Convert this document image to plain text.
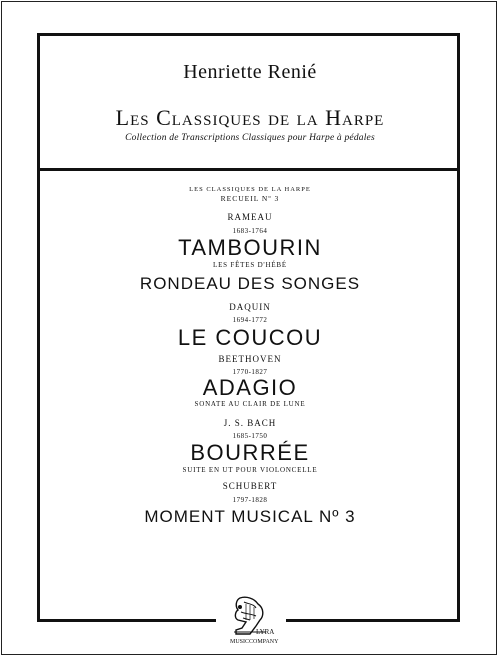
Henriette Renié
Les Classiques de la Harpe
Collection de Transcriptions Classiques pour Harpe à pédales
LES CLASSIQUES DE LA HARPE
RECUEIL Nº 3
RAMEAU
1683-1764
TAMBOURIN
LES FÊTES D'HÉBÉ
RONDEAU DES SONGES
DAQUIN
1694-1772
LE COUCOU
BEETHOVEN
1770-1827
ADAGIO
SONATE AU CLAIR DE LUNE
J. S. BACH
1685-1750
BOURRÉE
SUITE EN UT POUR VIOLONCELLE
SCHUBERT
1797-1828
MOMENT MUSICAL Nº 3
LYRA
MUSIC COMPANY
